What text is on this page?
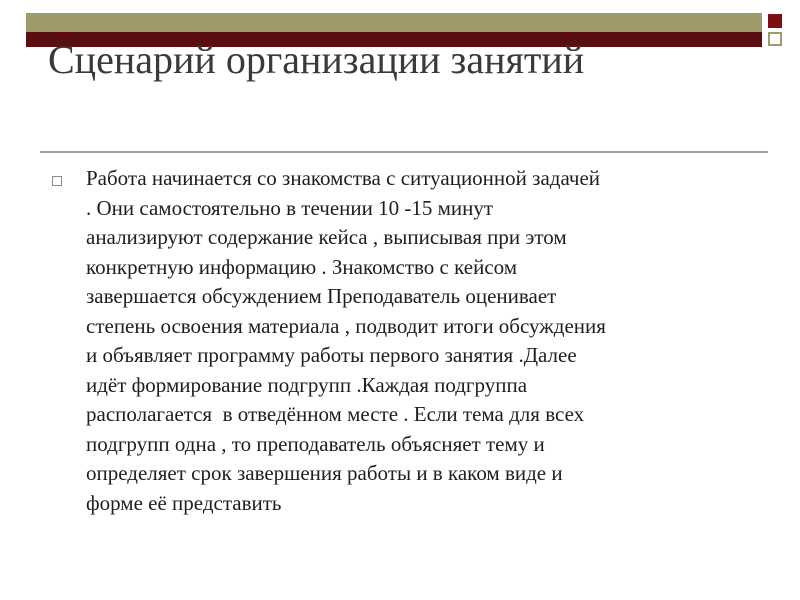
Сценарий организации занятий

Работа начинается со знакомства с ситуационной задачей
. Они самостоятельно в течении 10 -15 минут
анализируют содержание кейса , выписывая при этом
конкретную информацию . Знакомство с кейсом
завершается обсуждением Преподаватель оценивает
степень освоения материала , подводит итоги обсуждения
и объявляет программу работы первого занятия .Далее
идёт формирование подгрупп .Каждая подгруппа
располагается  в отведённом месте . Если тема для всех
подгрупп одна , то преподаватель объясняет тему и
определяет срок завершения работы и в каком виде и
форме её представить
